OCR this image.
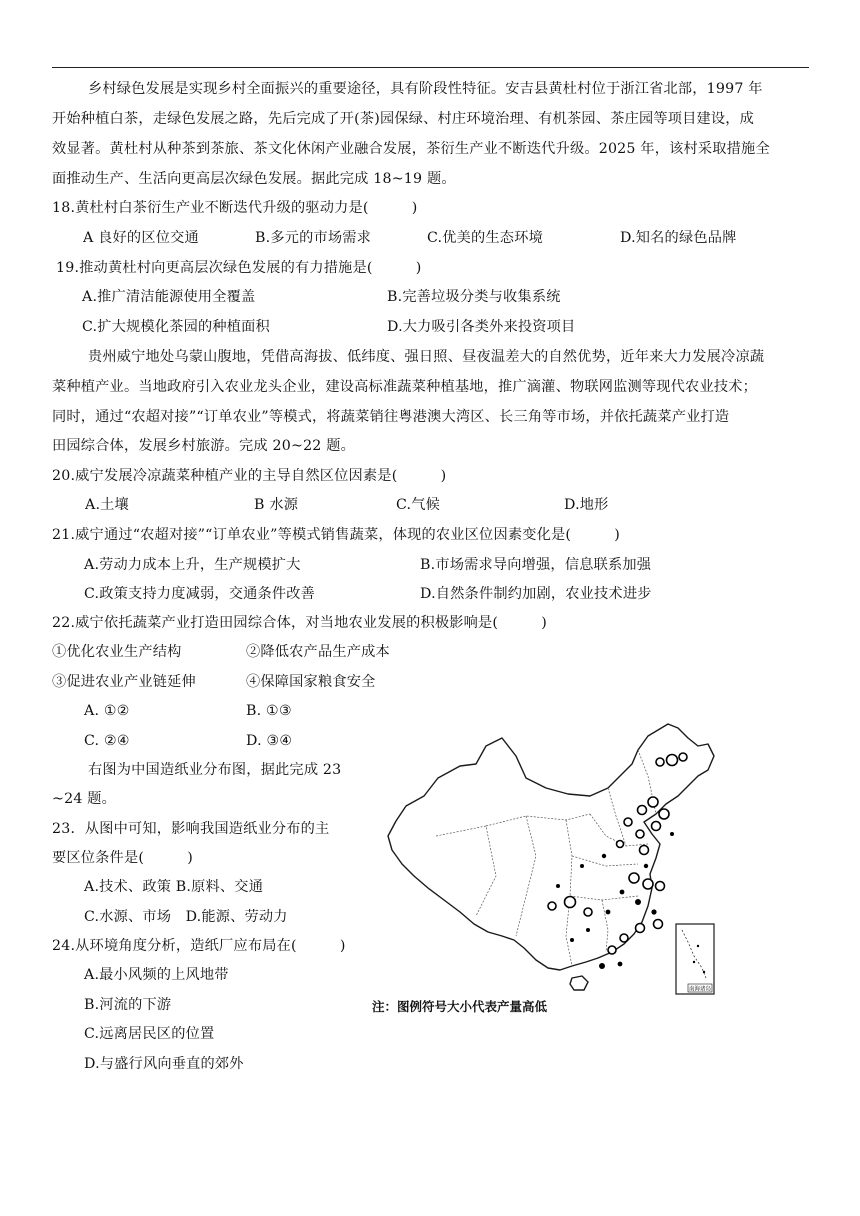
乡村绿色发展是实现乡村全面振兴的重要途径，具有阶段性特征。安吉县黄杜村位于浙江省北部，1997 年
开始种植白茶，走绿色发展之路，先后完成了开(茶)园保绿、村庄环境治理、有机茶园、茶庄园等项目建设，成
效显著。黄杜村从种茶到茶旅、茶文化休闲产业融合发展，茶衍生产业不断迭代升级。2025 年，该村采取措施全
面推动生产、生活向更高层次绿色发展。据此完成 18~19 题。
18.黄杜村白茶衍生产业不断迭代升级的驱动力是(　　　)
A 良好的区位交通	B.多元的市场需求	C.优美的生态环境	D.知名的绿色品牌
19.推动黄杜村向更高层次绿色发展的有力措施是(　　　)
A.推广清洁能源使用全覆盖	B.完善垃圾分类与收集系统
C.扩大规模化茶园的种植面积	D.大力吸引各类外来投资项目
贵州威宁地处乌蒙山腹地，凭借高海拔、低纬度、强日照、昼夜温差大的自然优势，近年来大力发展冷凉蔬
菜种植产业。当地政府引入农业龙头企业，建设高标准蔬菜种植基地，推广滴灌、物联网监测等现代农业技术；
同时，通过“农超对接”“订单农业”等模式，将蔬菜销往粤港澳大湾区、长三角等市场，并依托蔬菜产业打造
田园综合体，发展乡村旅游。完成 20~22 题。
20.威宁发展冷凉蔬菜种植产业的主导自然区位因素是(　　　)
A.土壤	B 水源	C.气候	D.地形
21.威宁通过“农超对接”“订单农业”等模式销售蔬菜，体现的农业区位因素变化是(　　　)
A.劳动力成本上升，生产规模扩大	B.市场需求导向增强，信息联系加强
C.政策支持力度减弱，交通条件改善	D.自然条件制约加剧，农业技术进步
22.威宁依托蔬菜产业打造田园综合体，对当地农业发展的积极影响是(　　　)
①优化农业生产结构	②降低农产品生产成本
③促进农业产业链延伸	④保障国家粮食安全
A. ①②	B. ①③
C. ②④	D. ③④
右图为中国造纸业分布图，据此完成 23
~24 题。
23．从图中可知，影响我国造纸业分布的主
要区位条件是(　　　)
A.技术、政策 B.原料、交通
C.水源、市场　D.能源、劳动力
24.从环境角度分析，造纸厂应布局在(　　　)
A.最小风频的上风地带
B.河流的下游
C.远离居民区的位置
D.与盛行风向垂直的郊外
南海诸岛
注：图例符号大小代表产量高低
